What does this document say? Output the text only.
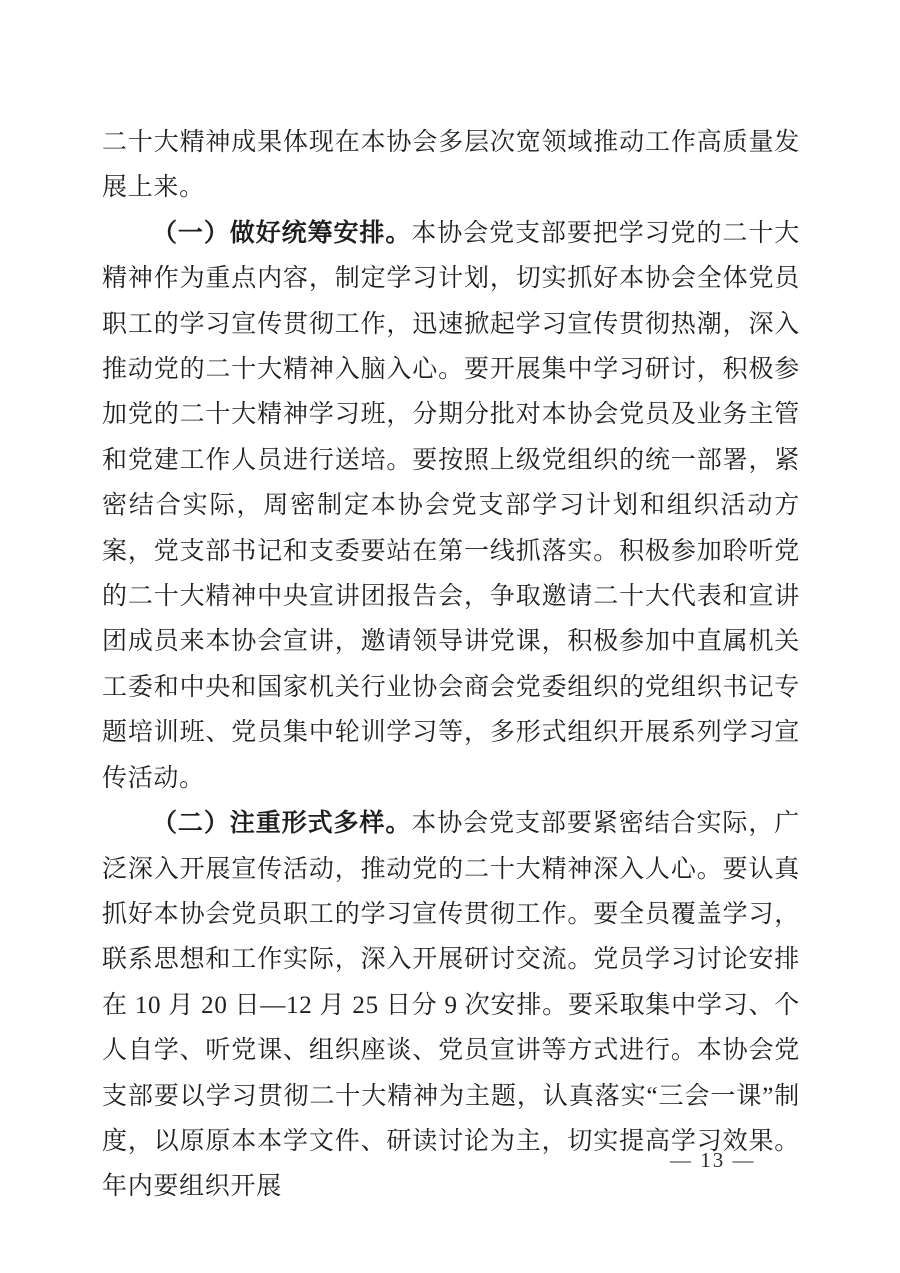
二十大精神成果体现在本协会多层次宽领域推动工作高质量发展上来。

（一）做好统筹安排。本协会党支部要把学习党的二十大精神作为重点内容，制定学习计划，切实抓好本协会全体党员职工的学习宣传贯彻工作，迅速掀起学习宣传贯彻热潮，深入推动党的二十大精神入脑入心。要开展集中学习研讨，积极参加党的二十大精神学习班，分期分批对本协会党员及业务主管和党建工作人员进行送培。要按照上级党组织的统一部署，紧密结合实际，周密制定本协会党支部学习计划和组织活动方案，党支部书记和支委要站在第一线抓落实。积极参加聆听党的二十大精神中央宣讲团报告会，争取邀请二十大代表和宣讲团成员来本协会宣讲，邀请领导讲党课，积极参加中直属机关工委和中央和国家机关行业协会商会党委组织的党组织书记专题培训班、党员集中轮训学习等，多形式组织开展系列学习宣传活动。

（二）注重形式多样。本协会党支部要紧密结合实际，广泛深入开展宣传活动，推动党的二十大精神深入人心。要认真抓好本协会党员职工的学习宣传贯彻工作。要全员覆盖学习，联系思想和工作实际，深入开展研讨交流。党员学习讨论安排在 10 月 20 日—12 月 25 日分 9 次安排。要采取集中学习、个人自学、听党课、组织座谈、党员宣讲等方式进行。本协会党支部要以学习贯彻二十大精神为主题，认真落实“三会一课”制度，以原原本本学文件、研读讨论为主，切实提高学习效果。年内要组织开展

— 13 —
